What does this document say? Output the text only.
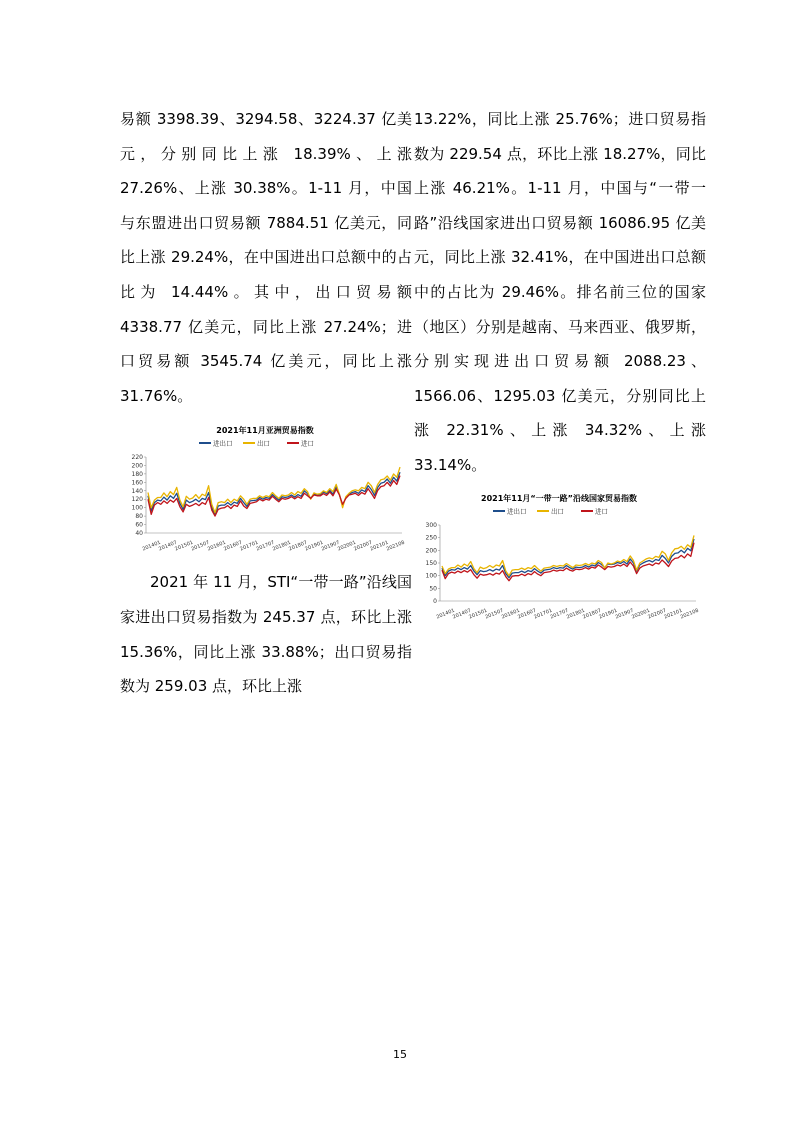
易额 3398.39、3294.58、3224.37 亿美元，分别同比上涨 18.39%、上涨 27.26%、上涨 30.38%。1-11 月，中国与东盟进出口贸易额 7884.51 亿美元，同比上涨 29.24%，在中国进出口总额中的占比为 14.44%。其中，出口贸易额 4338.77 亿美元，同比上涨 27.24%；进口贸易额 3545.74 亿美元，同比上涨 31.76%。

2021年11月亚洲贸易指数
进出口	出口	进口
220
200
180
160
140
120
100
80
60
40
201401
201407
201501
201507
201601
201607
201701
201707
201801
201807
201901
201907
202001
202007
202101
202108

2021 年 11 月，STI“一带一路”沿线国家进出口贸易指数为 245.37 点，环比上涨 15.36%，同比上涨 33.88%；出口贸易指数为 259.03 点，环比上涨

13.22%，同比上涨 25.76%；进口贸易指数为 229.54 点，环比上涨 18.27%，同比上涨 46.21%。1-11 月，中国与“一带一路”沿线国家进出口贸易额 16086.95 亿美元，同比上涨 32.41%，在中国进出口总额中的占比为 29.46%。排名前三位的国家（地区）分别是越南、马来西亚、俄罗斯，分别实现进出口贸易额 2088.23、1566.06、1295.03 亿美元，分别同比上涨 22.31%、上涨 34.32%、上涨 33.14%。

2021年11月“一带一路”沿线国家贸易指数
进出口	出口	进口
300
250
200
150
100
50
0
201401
201407
201501
201507
201601
201607
201701
201707
201801
201807
201901
201907
202001
202007
202101
202108
15
